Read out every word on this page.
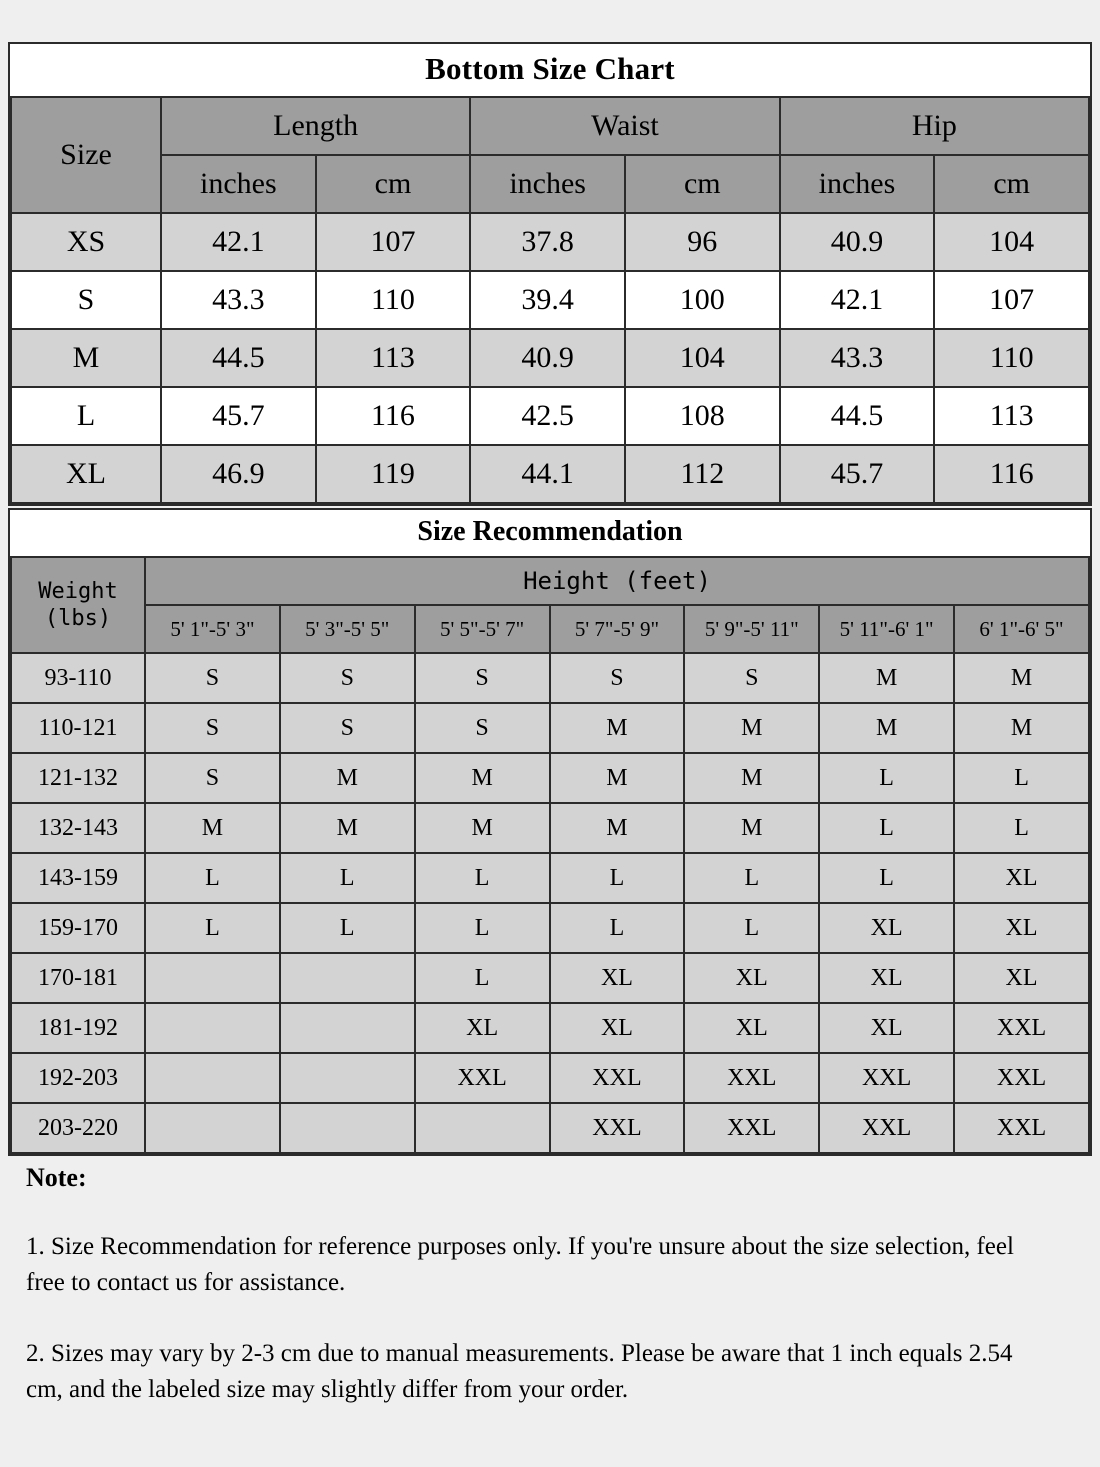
Bottom Size Chart
Size	Length		Waist		Hip	
	inches	cm	inches	cm	inches	cm
XS	42.1	107	37.8	96	40.9	104
S	43.3	110	39.4	100	42.1	107
M	44.5	113	40.9	104	43.3	110
L	45.7	116	42.5	108	44.5	113
XL	46.9	119	44.1	112	45.7	116
Size Recommendation
Weight
(lbs)	Height (feet)						
	5' 1"-5' 3"	5' 3"-5' 5"	5' 5"-5' 7"	5' 7"-5' 9"	5' 9"-5' 11"	5' 11"-6' 1"	6' 1"-6' 5"
93-110	S	S	S	S	S	M	M
110-121	S	S	S	M	M	M	M
121-132	S	M	M	M	M	L	L
132-143	M	M	M	M	M	L	L
143-159	L	L	L	L	L	L	XL
159-170	L	L	L	L	L	XL	XL
170-181			L	XL	XL	XL	XL
181-192			XL	XL	XL	XL	XXL
192-203			XXL	XXL	XXL	XXL	XXL
203-220				XXL	XXL	XXL	XXL
Note:
1. Size Recommendation for reference purposes only. If you're unsure about the size selection, feel free to contact us for assistance.
2. Sizes may vary by 2-3 cm due to manual measurements. Please be aware that 1 inch equals 2.54 cm, and the labeled size may slightly differ from your order.
